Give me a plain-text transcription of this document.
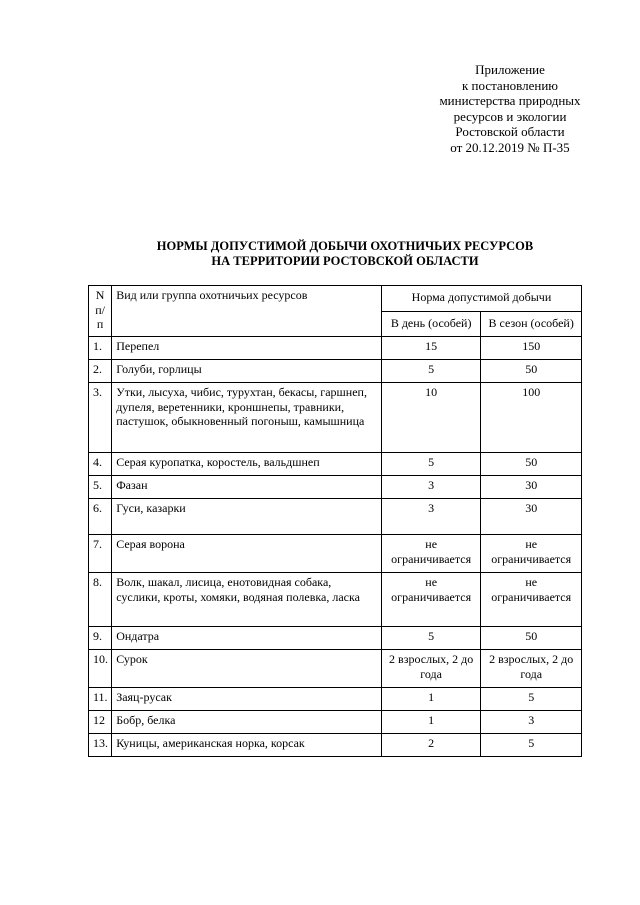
Приложение
к постановлению
министерства природных
ресурсов и экологии
Ростовской области
от 20.12.2019 № П-35
НОРМЫ ДОПУСТИМОЙ ДОБЫЧИ ОХОТНИЧЬИХ РЕСУРСОВ
НА ТЕРРИТОРИИ РОСТОВСКОЙ ОБЛАСТИ
N
п/п	Вид или группа охотничьих ресурсов	Норма допустимой добычи	
		В день (особей)	В сезон (особей)
1.	Перепел	15	150
2.	Голуби, горлицы	5	50
3.	Утки, лысуха, чибис, турухтан, бекасы, гаршнеп, дупеля, веретенники, кроншнепы, травники, пастушок, обыкновенный погоныш, камышница	10	100
4.	Серая куропатка, коростель, вальдшнеп	5	50
5.	Фазан	3	30
6.	Гуси, казарки	3	30
7.	Серая ворона	не ограничивается	не ограничивается
8.	Волк, шакал, лисица, енотовидная собака, суслики, кроты, хомяки, водяная полевка, ласка	не ограничивается	не ограничивается
9.	Ондатра	5	50
10.	Сурок	2 взрослых, 2 до года	2 взрослых, 2 до года
11.	Заяц-русак	1	5
12	Бобр, белка	1	3
13.	Куницы, американская норка, корсак	2	5
